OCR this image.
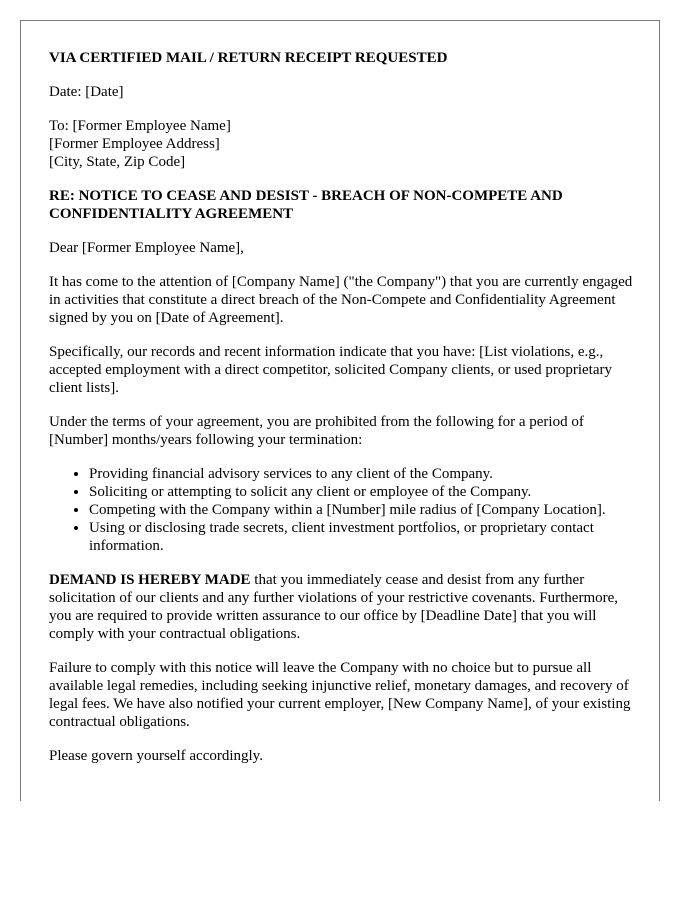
VIA CERTIFIED MAIL / RETURN RECEIPT REQUESTED

Date: [Date]

To: [Former Employee Name]
[Former Employee Address]
[City, State, Zip Code]

RE: NOTICE TO CEASE AND DESIST - BREACH OF NON-COMPETE AND CONFIDENTIALITY AGREEMENT

Dear [Former Employee Name],

It has come to the attention of [Company Name] ("the Company") that you are currently engaged in activities that constitute a direct breach of the Non-Compete and Confidentiality Agreement signed by you on [Date of Agreement].

Specifically, our records and recent information indicate that you have: [List violations, e.g., accepted employment with a direct competitor, solicited Company clients, or used proprietary client lists].

Under the terms of your agreement, you are prohibited from the following for a period of [Number] months/years following your termination:

• Providing financial advisory services to any client of the Company.
• Soliciting or attempting to solicit any client or employee of the Company.
• Competing with the Company within a [Number] mile radius of [Company Location].
• Using or disclosing trade secrets, client investment portfolios, or proprietary contact information.

DEMAND IS HEREBY MADE that you immediately cease and desist from any further solicitation of our clients and any further violations of your restrictive covenants. Furthermore, you are required to provide written assurance to our office by [Deadline Date] that you will comply with your contractual obligations.

Failure to comply with this notice will leave the Company with no choice but to pursue all available legal remedies, including seeking injunctive relief, monetary damages, and recovery of legal fees. We have also notified your current employer, [New Company Name], of your existing contractual obligations.

Please govern yourself accordingly.
